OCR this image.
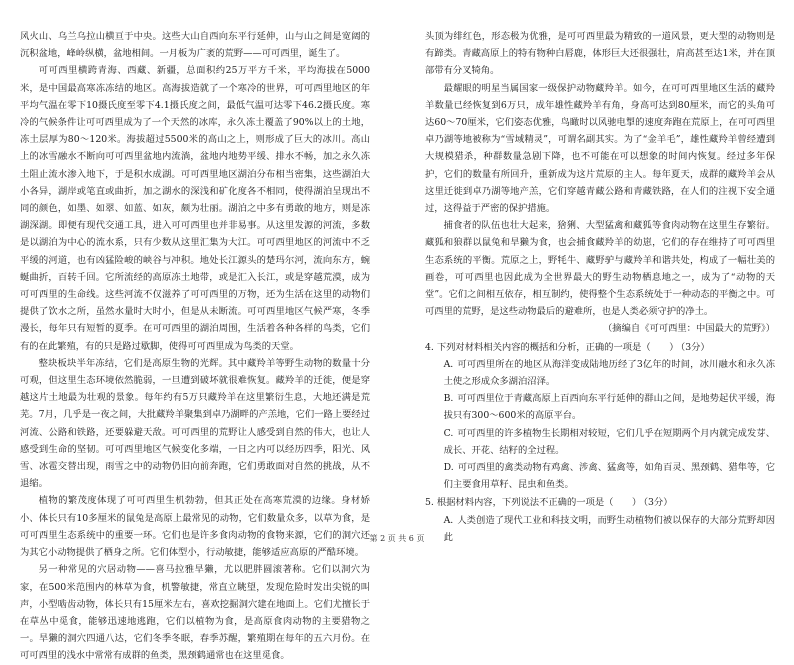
风火山、乌兰乌拉山横亘于中央。这些大山自西向东平行延伸，山与山之间是宽阔的沉积盆地，峰岭纵横，盆地相间。一月板为广袤的荒野——可可西里，诞生了。

可可西里横跨青海、西藏、新疆，总面积约25万平方千米，平均海拔在5000米，是中国最高寒冻冻结的地区。高海拔造就了一个寒冷的世界，可可西里地区的年平均气温在零下10摄氏度至零下4.1摄氏度之间，最低气温可达零下46.2摄氏度。寒冷的气候条件让可可西里成为了一个天然的冰库，永久冻土覆盖了90%以上的土地，冻土层厚为80～120米。海拔超过5500米的高山之上，则形成了巨大的冰川。高山上的冰雪融水不断向可可西里盆地内流淌，盆地内地势平缓、排水不畅，加之永久冻土阻止流水渗入地下，于是积水成湖。可可西里地区湖泊分布相当密集，这些湖泊大小各异，湖岸或笔直或曲折，加之湖水的深浅和矿化度各不相同，使得湖泊呈现出不同的颜色，如墨、如翠、如蓝、如灰，颇为壮丽。湖泊之中多有勇敢的地方，则是冻湖深湖。即便有现代交通工具，进入可可西里也并非易事。从这里发源的河流，多数是以湖泊为中心的流水系，只有少数从这里汇集为大江。可可西里地区的河流中不乏平缓的河道，也有凶猛险峻的峡谷与冲积。地处长江源头的楚玛尔河，流向东方，蜿蜒曲折，百转千回。它所流经的高原冻土地带，或是汇入长江，或是穿越荒漠，成为可可西里的生命线。这些河流不仅滋养了可可西里的万物，还为生活在这里的动物们提供了饮水之所，虽然水量时大时小，但是从未断流。可可西里地区气候严寒，冬季漫长，每年只有短暂的夏季。在可可西里的湖泊周围，生活着各种各样的鸟类，它们有的在此繁殖，有的只是路过歇脚，使得可可西里成为鸟类的天堂。

整块板块半年冻结，它们是高原生物的光辉。其中藏羚羊等野生动物的数量十分可观，但这里生态环境依然脆弱，一旦遭到破坏就很难恢复。藏羚羊的迁徙，便是穿越这片土地最为壮观的景象。每年约有5万只藏羚羊在这里繁衍生息，大地还满是荒芜。7月，几乎是一夜之间，大批藏羚羊聚集到卓乃湖畔的产羔地，它们一路上要经过河流、公路和铁路，还要躲避天敌。可可西里的荒野让人感受到自然的伟大，也让人感受到生命的坚韧。可可西里地区气候变化多端，一日之内可以经历四季，阳光、风雪、冰雹交替出现，雨雪之中的动物仍旧向前奔跑，它们勇敢面对自然的挑战，从不退缩。

植物的繁茂度体现了可可西里生机勃勃，但其正处在高寒荒漠的边缘。身材娇小、体长只有10多厘米的鼠兔是高原上最常见的动物，它们数量众多，以草为食，是可可西里生态系统中的重要一环。它们也是许多食肉动物的食物来源，它们的洞穴还为其它小动物提供了栖身之所。它们体型小，行动敏捷，能够适应高原的严酷环境。

另一种常见的穴居动物——喜马拉雅旱獭，尤以肥胖圆滚著称。它们以洞穴为家，在500米范围内的林草为食，机警敏捷，常直立眺望，发现危险时发出尖锐的叫声，小型啮齿动物，体长只有15厘米左右，喜欢挖掘洞穴建在地面上。它们尤擅长于在草丛中觅食，能够迅速地逃跑，它们以植物为食，是高原食肉动物的主要猎物之一。旱獭的洞穴四通八达，它们冬季冬眠，春季苏醒，繁殖期在每年的五六月份。在可可西里的浅水中常常有成群的鱼类，黑颈鹤通常也在这里觅食。

头顶为绯红色，形态极为优雅，是可可西里最为精致的一道风景，更大型的动物则是有蹄类。青藏高原上的特有物种白唇鹿，体形巨大还很强壮，肩高甚至达1米，并在顶部带有分叉犄角。

最耀眼的明星当属国家一级保护动物藏羚羊。如今，在可可西里地区生活的藏羚羊数量已经恢复到6万只，成年雄性藏羚羊有角，身高可达到80厘米，而它的头角可达60～70厘米，它们姿态优雅，鸟瞰时以风驰电掣的速度奔跑在荒原上，在可可西里卓乃湖等地被称为“雪域精灵”，可谓名副其实。为了“金羊毛”，雄性藏羚羊曾经遭到大规模猎杀，种群数量急剧下降，也不可能在可以想象的时间内恢复。经过多年保护，它们的数量有所回升，重新成为这片荒原的主人。每年夏天，成群的藏羚羊会从这里迁徙到卓乃湖等地产羔，它们穿越青藏公路和青藏铁路，在人们的注视下安全通过，这得益于严密的保护措施。

捕食者的队伍也壮大起来，猞猁、大型猛禽和藏狐等食肉动物在这里生存繁衍。藏狐和狼群以鼠兔和旱獭为食，也会捕食藏羚羊的幼崽，它们的存在维持了可可西里生态系统的平衡。荒原之上，野牦牛、藏野驴与藏羚羊和谐共处，构成了一幅壮美的画卷，可可西里也因此成为全世界最大的野生动物栖息地之一，成为了“动物的天堂”。它们之间相互依存，相互制约，使得整个生态系统处于一种动态的平衡之中。可可西里的荒野，是这些动物最后的避难所，也是人类必须守护的净土。

（摘编自《可可西里：中国最大的荒野》）

4. 下列对材料相关内容的概括和分析，正确的一项是（　　） （3分）

A. 可可西里所在的地区从海洋变成陆地历经了3亿年的时间，冰川融水和永久冻土使之形成众多湖泊沼泽。

B. 可可西里位于青藏高原上百西向东平行延伸的群山之间，是地势起伏平缓，海拔只有300～600米的高原平台。

C. 可可西里的许多植物生长期相对较短，它们几乎在短期两个月内就完成发芽、成长、开花、结籽的全过程。

D. 可可西里的禽类动物有鸡禽、涉禽、猛禽等，如角百灵、黑颈鹤、猎隼等，它们主要食用草籽、昆虫和鱼类。

5. 根据材料内容，下列说法不正确的一项是（　　） （3分）

A. 人类创造了现代工业和科技文明，而野生动植物们被以保存的大部分荒野却因此

第 2 页 共 6 页
